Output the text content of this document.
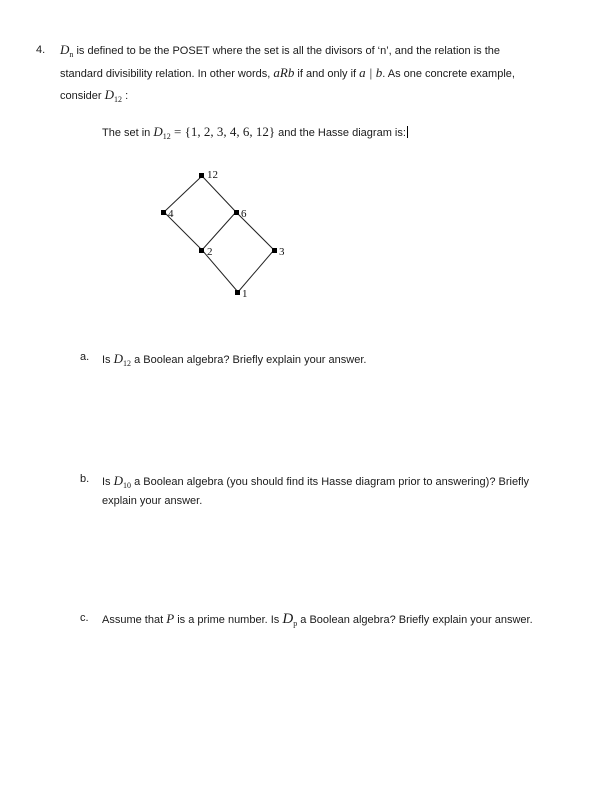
4. $D_n$ is defined to be the POSET where the set is all the divisors of ‘n’, and the relation is the
standard divisibility relation. In other words, aRb if and only if a | b. As one concrete example,
consider $D_{12}$ :
The set in $D_{12} = \{1$, 2, 3, 4, 6, 12} and the Hasse diagram is:
12
4	6
2	3
1
a. Is $D_{12}$ a Boolean algebra? Briefly explain your answer.
b. Is $D_{10}$ a Boolean algebra (you should find its Hasse diagram prior to answering)? Briefly
explain your answer.
c. Assume that P is a prime number. Is $D_p$ a Boolean algebra? Briefly explain your answer.
